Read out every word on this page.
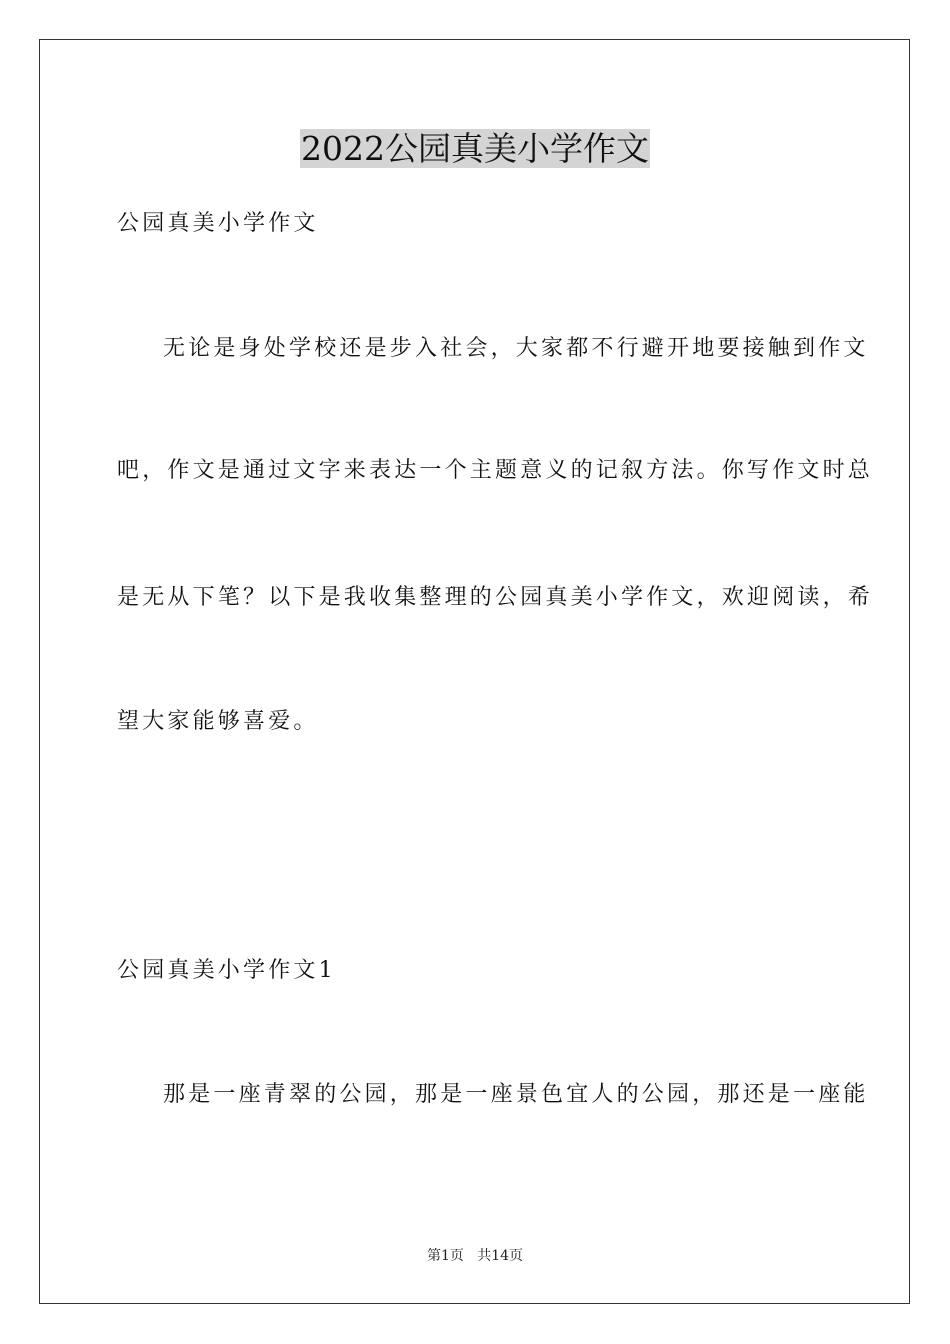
2022公园真美小学作文
公园真美小学作文
无论是身处学校还是步入社会，大家都不行避开地要接触到作文
吧，作文是通过文字来表达一个主题意义的记叙方法。你写作文时总
是无从下笔？以下是我收集整理的公园真美小学作文，欢迎阅读，希
望大家能够喜爱。
公园真美小学作文1
那是一座青翠的公园，那是一座景色宜人的公园，那还是一座能
第1页   共14页
